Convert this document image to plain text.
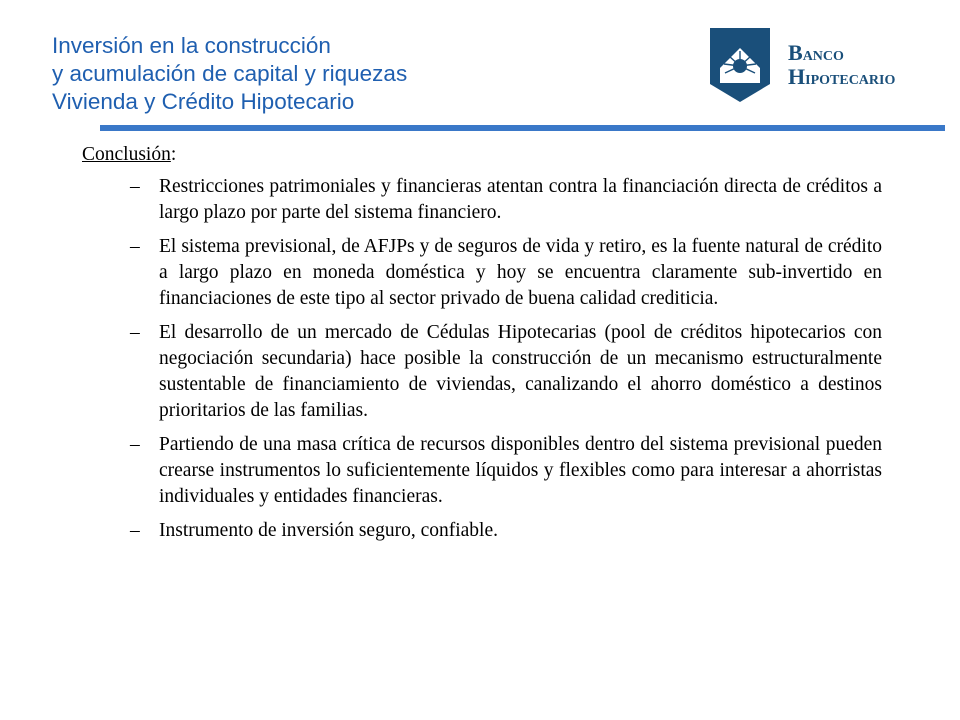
Inversión en la construcción
y acumulación de capital y riquezas
Vivienda y Crédito Hipotecario
BANCO
HIPOTECARIO
Conclusión:
– Restricciones patrimoniales y financieras atentan contra la financiación directa de créditos a largo plazo por parte del sistema financiero.
– El sistema previsional, de AFJPs y de seguros de vida y retiro, es la fuente natural de crédito a largo plazo en moneda doméstica y hoy se encuentra claramente sub-invertido en financiaciones de este tipo al sector privado de buena calidad crediticia.
– El desarrollo de un mercado de Cédulas Hipotecarias (pool de créditos hipotecarios con negociación secundaria) hace posible la construcción de un mecanismo estructuralmente sustentable de financiamiento de viviendas, canalizando el ahorro doméstico a destinos prioritarios de las familias.
– Partiendo de una masa crítica de recursos disponibles dentro del sistema previsional pueden crearse instrumentos lo suficientemente líquidos y flexibles como para interesar a ahorristas individuales y entidades financieras.
– Instrumento de inversión seguro, confiable.
